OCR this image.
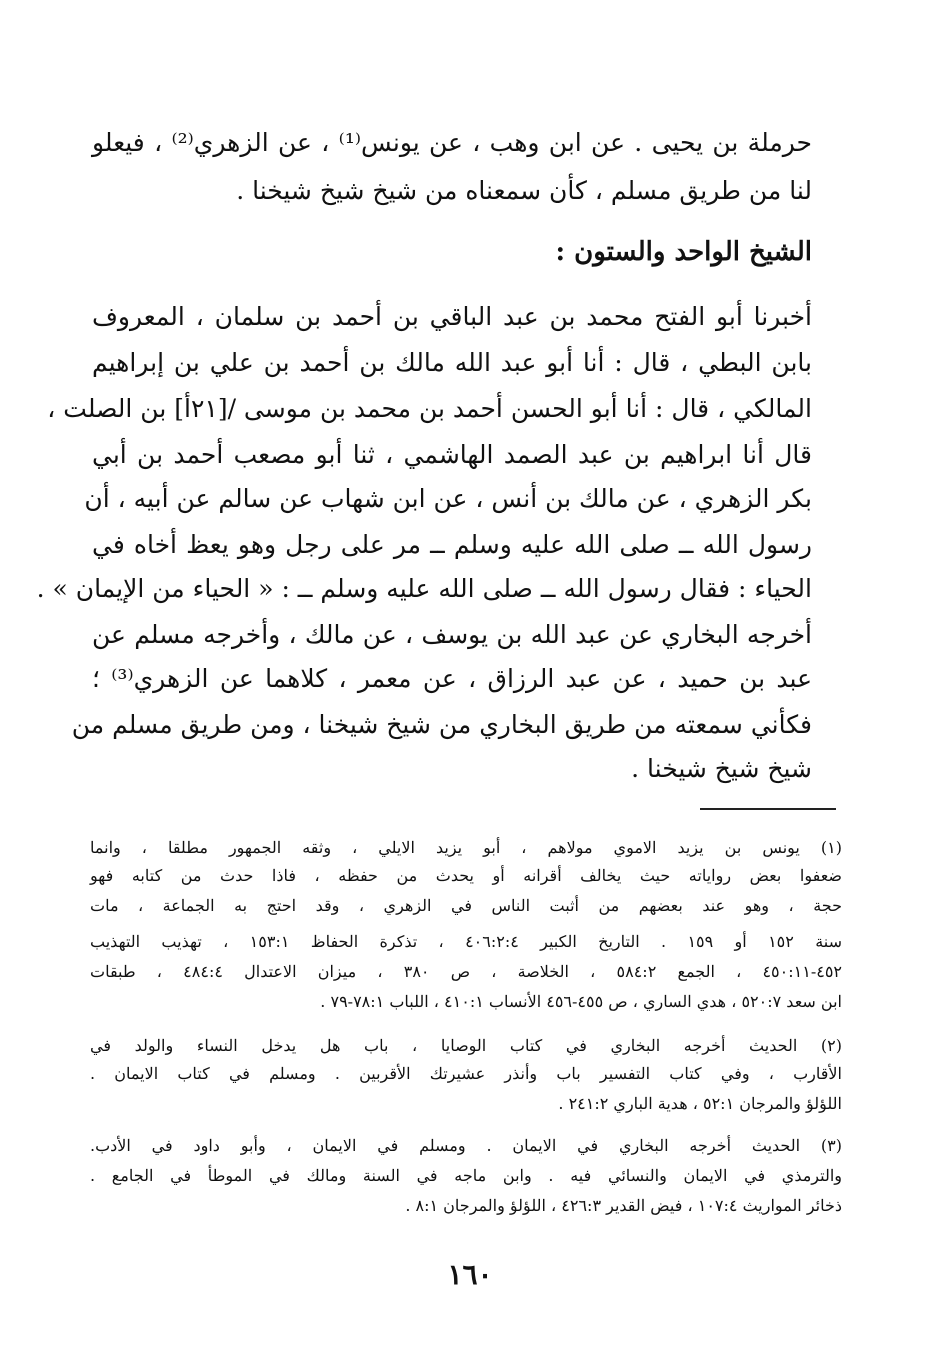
حرملة بن يحيى . عن ابن وهب ، عن يونس⁽¹⁾ ، عن الزهري⁽²⁾ ، فيعلو
لنا من طريق مسلم ، كأن سمعناه من شيخ شيخ شيخنا .
الشيخ الواحد والستون :
أخبرنا أبو الفتح محمد بن عبد الباقي بن أحمد بن سلمان ، المعروف
بابن البطي ، قال : أنا أبو عبد الله مالك بن أحمد بن علي بن إبراهيم
المالكي ، قال : أنا أبو الحسن أحمد بن محمد بن موسى /[٢١أ] بن الصلت ،
قال أنا ابراهيم بن عبد الصمد الهاشمي ، ثنا أبو مصعب أحمد بن أبي
بكر الزهري ، عن مالك بن أنس ، عن ابن شهاب عن سالم عن أبيه ، أن
رسول الله ــ صلى الله عليه وسلم ــ مر على رجل وهو يعظ أخاه في
الحياء : فقال رسول الله ــ صلى الله عليه وسلم ــ : « الحياء من الإيمان » .
أخرجه البخاري عن عبد الله بن يوسف ، عن مالك ، وأخرجه مسلم عن
عبد بن حميد ، عن عبد الرزاق ، عن معمر ، كلاهما عن الزهري⁽³⁾ ؛
فكأني سمعته من طريق البخاري من شيخ شيخنا ، ومن طريق مسلم من
شيخ شيخ شيخنا .
(١) يونس بن يزيد الاموي مولاهم ، أبو يزيد الايلي ، وثقه الجمهور مطلقا ، وانما
ضعفوا بعض رواياته حيث يخالف أقرانه أو يحدث من حفظه ، فاذا حدث من كتابه فهو
حجة ، وهو عند بعضهم من أثبت الناس في الزهري ، وقد احتج به الجماعة ، مات
سنة ١٥٢ أو ١٥٩ . التاريخ الكبير ٤٠٦:٢:٤ ، تذكرة الحفاظ ١٥٣:١ ، تهذيب التهذيب
٤٥٢-٤٥٠:١١ ، الجمع ٥٨٤:٢ ، الخلاصة ، ص ٣٨٠ ، ميزان الاعتدال ٤٨٤:٤ ، طبقات
ابن سعد ٥٢٠:٧ ، هدي الساري ، ص ٤٥٥-٤٥٦ الأنساب ٤١٠:١ ، اللباب ٧٨:١-٧٩ .
(٢) الحديث أخرجه البخاري في كتاب الوصايا ، باب هل يدخل النساء والولد في
الأقارب ، وفي كتاب التفسير باب وأنذر عشيرتك الأقربين . ومسلم في كتاب الايمان .
اللؤلؤ والمرجان ٥٢:١ ، هدية الباري ٢٤١:٢ .
(٣) الحديث أخرجه البخاري في الايمان . ومسلم في الايمان ، وأبو داود في الأدب.
والترمذي في الايمان والنسائي فيه . وابن ماجه في السنة ومالك في الموطأ في الجامع .
ذخائر المواريث ١٠٧:٤ ، فيض القدير ٤٢٦:٣ ، اللؤلؤ والمرجان ٨:١ .
١٦٠
